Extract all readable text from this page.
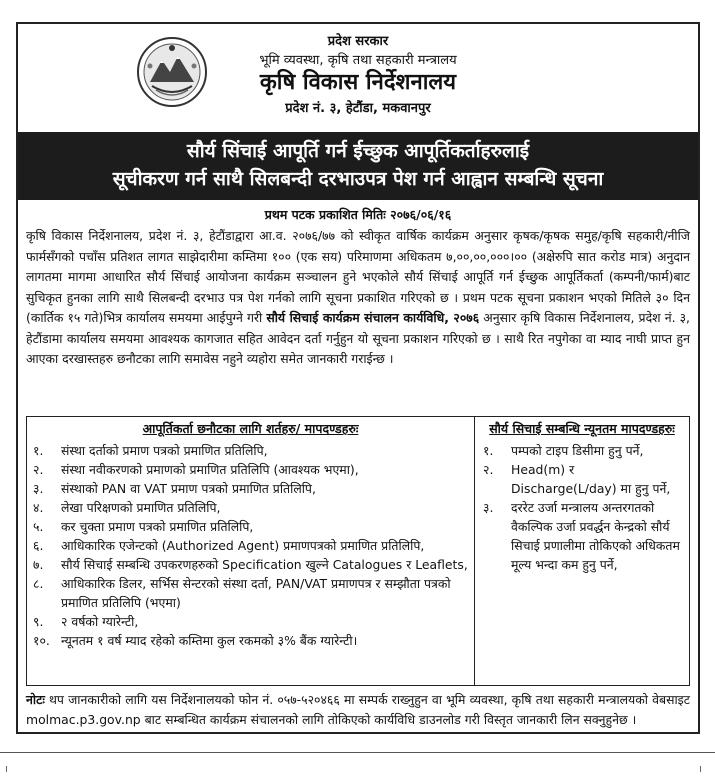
प्रदेश सरकार
भूमि व्यवस्था, कृषि तथा सहकारी मन्त्रालय
कृषि विकास निर्देशनालय
प्रदेश नं. ३, हेटौंडा, मकवानपुर
सौर्य सिंचाई आपूर्ति गर्न ईच्छुक आपूर्तिकर्ताहरुलाई
सूचीकरण गर्न साथै सिलबन्दी दरभाउपत्र पेश गर्न आह्वान सम्बन्धि सूचना
प्रथम पटक प्रकाशित मितिः २०७६/०६/१६
कृषि विकास निर्देशनालय, प्रदेश नं. ३, हेटौंडाद्वारा आ.व. २०७६/७७ को स्वीकृत वार्षिक कार्यक्रम अनुसार कृषक/कृषक समुह/कृषि सहकारी/नीजि फार्मसँगको पचाँस प्रतिशत लागत साझेदारीमा कम्तिमा १०० (एक सय) परिमाणमा अधिकतम ७,००,००,०००।०० (अक्षेरुपि सात करोड मात्र) अनुदान लागतमा मागमा आधारित सौर्य सिंचाई आयोजना कार्यक्रम सञ्चालन हुने भएकोले सौर्य सिंचाई आपूर्ति गर्न ईच्छुक आपूर्तिकर्ता (कम्पनी/फार्म)बाट सुचिकृत हुनका लागि साथै सिलबन्दी दरभाउ पत्र पेश गर्नको लागि सूचना प्रकाशित गरिएको छ । प्रथम पटक सूचना प्रकाशन भएको मितिले ३० दिन (कार्तिक १५ गते)भित्र कार्यालय समयमा आईपुग्ने गरी सौर्य सिचाई कार्यक्रम संचालन कार्यविधि, २०७६ अनुसार कृषि विकास निर्देशनालय, प्रदेश नं. ३, हेटौंडामा कार्यालय समयमा आवश्यक कागजात सहित आवेदन दर्ता गर्नुहुन यो सूचना प्रकाशन गरिएको छ । साथै रित नपुगेका वा म्याद नाघी प्राप्त हुन आएका दरखास्तहरु छनौटका लागि समावेस नहुने व्यहोरा समेत जानकारी गराईन्छ ।
आपूर्तिकर्ता छनौटका लागि शर्तहरु/ मापदण्डहरुः
१.	संस्था दर्ताको प्रमाण पत्रको प्रमाणित प्रतिलिपि,
२.	संस्था नवीकरणको प्रमाणको प्रमाणित प्रतिलिपि (आवश्यक भएमा),
३.	संस्थाको PAN वा VAT प्रमाण पत्रको प्रमाणित प्रतिलिपि,
४.	लेखा परिक्षणको प्रमाणित प्रतिलिपि,
५.	कर चुक्ता प्रमाण पत्रको प्रमाणित प्रतिलिपि,
६.	आधिकारिक एजेन्टको (Authorized Agent) प्रमाणपत्रको प्रमाणित प्रतिलिपि,
७.	सौर्य सिचाई सम्बन्धि उपकरणहरुको Specification खुल्ने Catalogues र Leaflets,
८.	आधिकारिक डिलर, सर्भिस सेन्टरको संस्था दर्ता, PAN/VAT प्रमाणपत्र र सम्झौता पत्रको प्रमाणित प्रतिलिपि (भएमा)
९.	२ वर्षको ग्यारेन्टी,
१०. न्यूनतम १ वर्ष म्याद रहेको कम्तिमा कुल रकमको ३% बैंक ग्यारेन्टी।
सौर्य सिचाई सम्बन्धि न्यूनतम मापदण्डहरुः
१.	पम्पको टाइप डिसीमा हुनु पर्ने,
२.	Head(m) र Discharge(L/day) मा हुनु पर्ने,
३.	दररेट उर्जा मन्त्रालय अन्तरगतको वैकल्पिक उर्जा प्रवर्द्धन केन्द्रको सौर्य सिचाई प्रणालीमा तोकिएको अधिकतम मूल्य भन्दा कम हुनु पर्ने,
नोटः थप जानकारीको लागि यस निर्देशनालयको फोन नं. ०५७-५२०४६६ मा सम्पर्क राख्नुहुन वा भूमि व्यवस्था, कृषि तथा सहकारी मन्त्रालयको वेबसाइट molmac.p3.gov.np बाट सम्बन्धित कार्यक्रम संचालनको लागि तोकिएको कार्यविधि डाउनलोड गरी विस्तृत जानकारी लिन सक्नुहुनेछ ।
